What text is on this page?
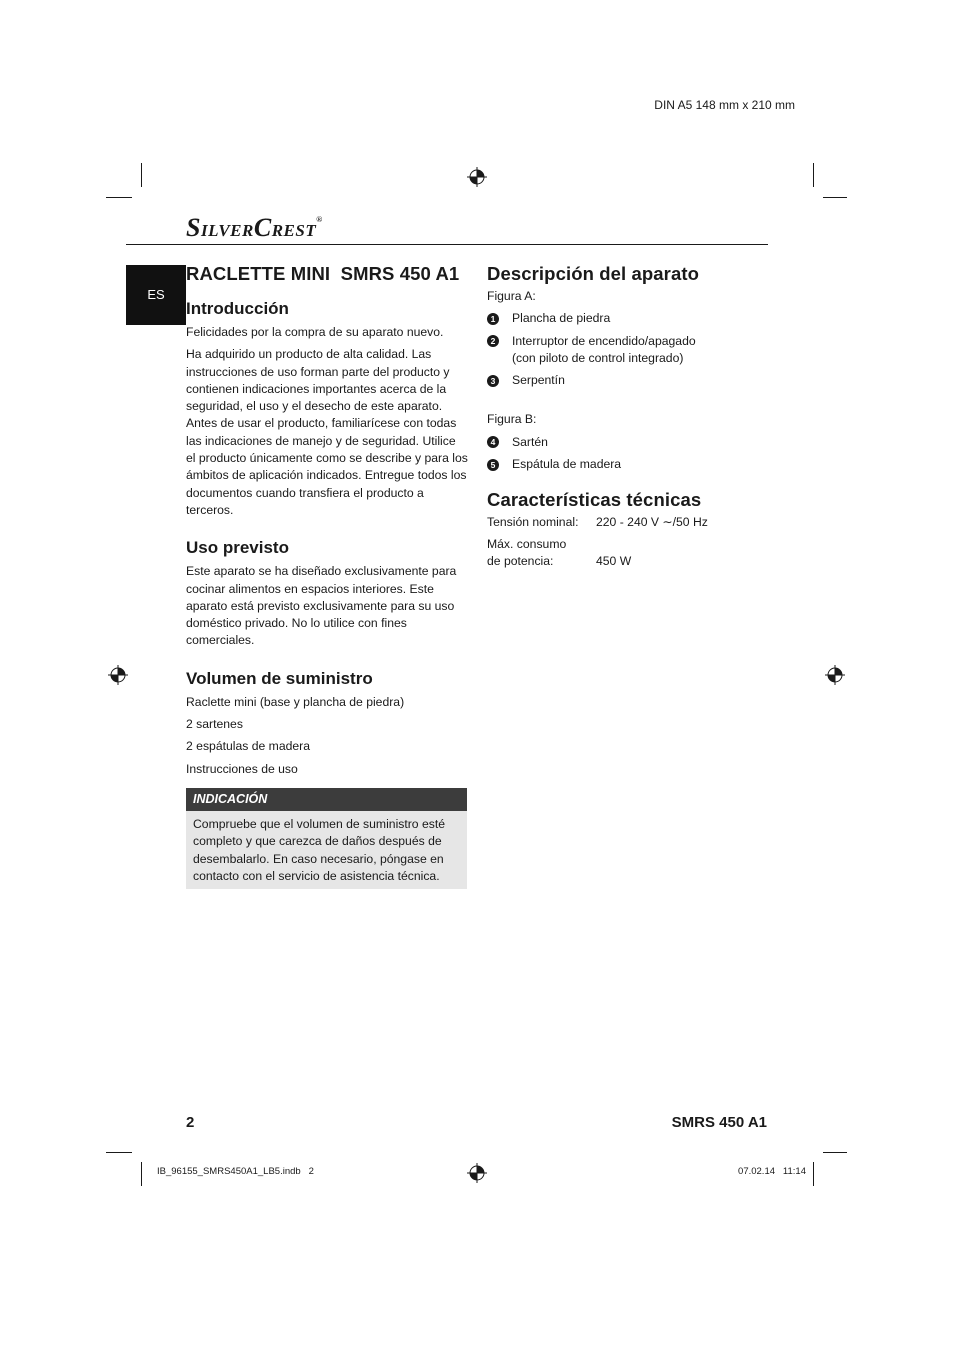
DIN A5 148 mm x 210 mm
SILVERCREST®
ES
RACLETTE MINI  SMRS 450 A1
Introducción

Felicidades por la compra de su aparato nuevo.

Ha adquirido un producto de alta calidad. Las instrucciones de uso forman parte del producto y contienen indicaciones importantes acerca de la seguridad, el uso y el desecho de este aparato. Antes de usar el producto, familiarícese con todas las indicaciones de manejo y de seguridad. Utilice el producto únicamente como se describe y para los ámbitos de aplicación indicados. Entregue todos los documentos cuando transfiera el producto a terceros.

Uso previsto

Este aparato se ha diseñado exclusivamente para cocinar alimentos en espacios interiores. Este aparato está previsto exclusivamente para su uso doméstico privado. No lo utilice con fines comerciales.

Volumen de suministro

Raclette mini (base y plancha de piedra)

2 sartenes

2 espátulas de madera

Instrucciones de uso

INDICACIÓN

Compruebe que el volumen de suministro esté completo y que carezca de daños después de desembalarlo. En caso necesario, póngase en contacto con el servicio de asistencia técnica.

Descripción del aparato

Figura A:

1 Plancha de piedra
2 Interruptor de encendido/apagado (con piloto de control integrado)
3 Serpentín

Figura B:

4 Sartén
5 Espátula de madera
Características técnicas
Tensión nominal:	220 - 240 V ∼/50 Hz
Máx. consumo
de potencia:	450 W
2	SMRS 450 A1
IB_96155_SMRS450A1_LB5.indb   2	07.02.14   11:14
